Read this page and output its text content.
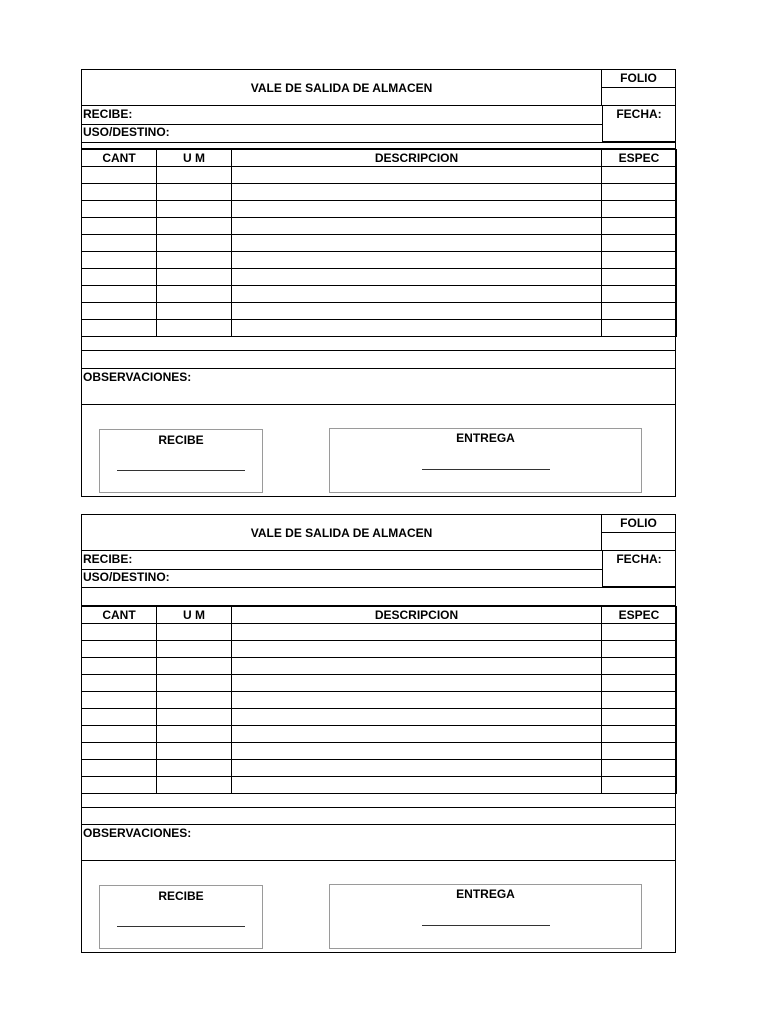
VALE DE SALIDA DE ALMACEN
FOLIO
FECHA:
RECIBE:
USO/DESTINO:
CANT	U M	DESCRIPCION	ESPEC

OBSERVACIONES:
RECIBE	ENTREGA
VALE DE SALIDA DE ALMACEN
FOLIO
FECHA:
RECIBE:
USO/DESTINO:
CANT	U M	DESCRIPCION	ESPEC

OBSERVACIONES:
RECIBE	ENTREGA
